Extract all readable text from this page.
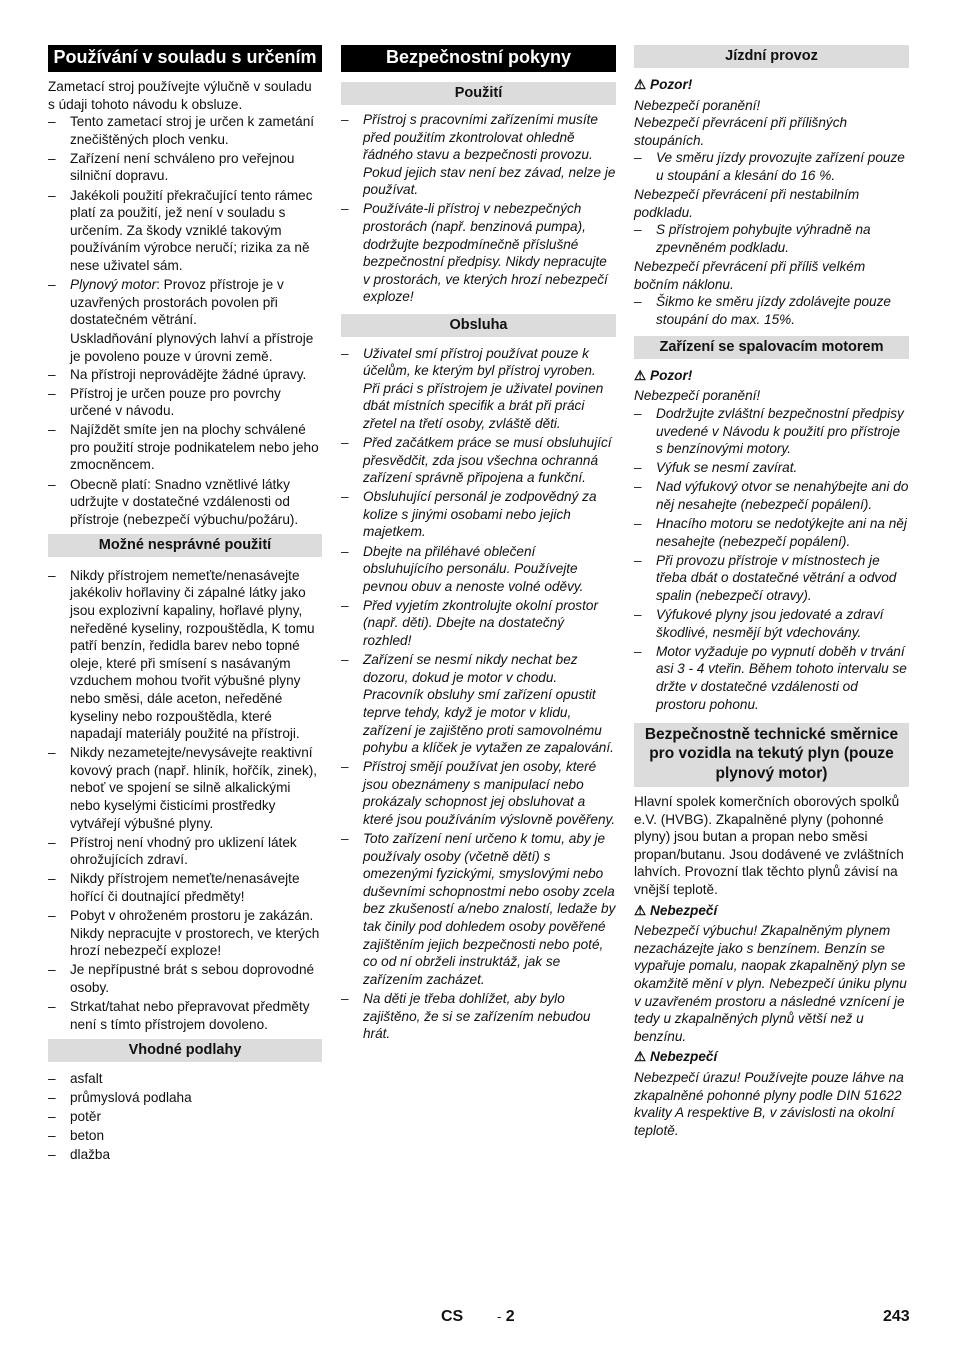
Používání v souladu s určením

Zametací stroj používejte výlučně v souladu s údaji tohoto návodu k obsluze.

– Tento zametací stroj je určen k zametání znečištěných ploch venku.
– Zařízení není schváleno pro veřejnou silniční dopravu.
– Jakékoli použití překračující tento rámec platí za použití, jež není v souladu s určením. Za škody vzniklé takovým používáním výrobce neručí; rizika za ně nese uživatel sám.
– Plynový motor: Provoz přístroje je v uzavřených prostorách povolen při dostatečném větrání.

Uskladňování plynových lahví a přístroje je povoleno pouze v úrovni země.

– Na přístroji neprovádějte žádné úpravy.
– Přístroj je určen pouze pro povrchy určené v návodu.
– Najíždět smíte jen na plochy schválené pro použití stroje podnikatelem nebo jeho zmocněncem.
– Obecně platí: Snadno vznětlivé látky udržujte v dostatečné vzdálenosti od přístroje (nebezpečí výbuchu/požáru).
Možné nesprávné použití
– Nikdy přístrojem nemeťte/nenasávejte jakékoliv hořlaviny či zápalné látky jako jsou explozivní kapaliny, hořlavé plyny, neředěné kyseliny, rozpouštědla, K tomu patří benzín, ředidla barev nebo topné oleje, které při smísení s nasávaným vzduchem mohou tvořit výbušné plyny nebo směsi, dále aceton, neředěné kyseliny nebo rozpouštědla, které napadají materiály použité na přístroji.
– Nikdy nezametejte/nevysávejte reaktivní kovový prach (např. hliník, hořčík, zinek), neboť ve spojení se silně alkalickými nebo kyselými čisticími prostředky vytvářejí výbušné plyny.
– Přístroj není vhodný pro uklizení látek ohrožujících zdraví.
– Nikdy přístrojem nemeťte/nenasávejte hořící či doutnající předměty!
– Pobyt v ohroženém prostoru je zakázán. Nikdy nepracujte v prostorech, ve kterých hrozí nebezpečí exploze!
– Je nepřípustné brát s sebou doprovodné osoby.
– Strkat/tahat nebo přepravovat předměty není s tímto přístrojem dovoleno.
Vhodné podlahy
– asfalt
– průmyslová podlaha
– potěr
– beton
– dlažba
Bezpečnostní pokyny
Použití
– Přístroj s pracovními zařízeními musíte před použitím zkontrolovat ohledně řádného stavu a bezpečnosti provozu. Pokud jejich stav není bez závad, nelze je používat.
– Používáte-li přístroj v nebezpečných prostorách (např. benzinová pumpa), dodržujte bezpodmínečně příslušné bezpečnostní předpisy. Nikdy nepracujte v prostorách, ve kterých hrozí nebezpečí exploze!
Obsluha
– Uživatel smí přístroj používat pouze k účelům, ke kterým byl přístroj vyroben. Při práci s přístrojem je uživatel povinen dbát místních specifik a brát při práci zřetel na třetí osoby, zvláště děti.
– Před začátkem práce se musí obsluhující přesvědčit, zda jsou všechna ochranná zařízení správně připojena a funkční.
– Obsluhující personál je zodpovědný za kolize s jinými osobami nebo jejich majetkem.
– Dbejte na přiléhavé oblečení obsluhujícího personálu. Používejte pevnou obuv a nenoste volné oděvy.
– Před vyjetím zkontrolujte okolní prostor (např. děti). Dbejte na dostatečný rozhled!
– Zařízení se nesmí nikdy nechat bez dozoru, dokud je motor v chodu. Pracovník obsluhy smí zařízení opustit teprve tehdy, když je motor v klidu, zařízení je zajištěno proti samovolnému pohybu a klíček je vytažen ze zapalování.
– Přístroj smějí používat jen osoby, které jsou obeznámeny s manipulací nebo prokázaly schopnost jej obsluhovat a které jsou používáním výslovně pověřeny.
– Toto zařízení není určeno k tomu, aby je používaly osoby (včetně dětí) s omezenými fyzickými, smyslovými nebo duševními schopnostmi nebo osoby zcela bez zkušeností a/nebo znalostí, ledaže by tak činily pod dohledem osoby pověřené zajištěním jejich bezpečnosti nebo poté, co od ní obrželi instruktáž, jak se zařízením zacházet.
– Na děti je třeba dohlížet, aby bylo zajištěno, že si se zařízením nebudou hrát.
Jízdní provoz

⚠ Pozor!

Nebezpečí poranění!

Nebezpečí převrácení při přílišných stoupáních.

– Ve směru jízdy provozujte zařízení pouze u stoupání a klesání do 16 %.

Nebezpečí převrácení při nestabilním podkladu.

– S přístrojem pohybujte výhradně na zpevněném podkladu.

Nebezpečí převrácení při příliš velkém bočním náklonu.

– Šikmo ke směru jízdy zdolávejte pouze stoupání do max. 15%.
Zařízení se spalovacím motorem

⚠ Pozor!

Nebezpečí poranění!

– Dodržujte zvláštní bezpečnostní předpisy uvedené v Návodu k použití pro přístroje s benzínovými motory.
– Výfuk se nesmí zavírat.
– Nad výfukový otvor se nenahýbejte ani do něj nesahejte (nebezpečí popálení).
– Hnacího motoru se nedotýkejte ani na něj nesahejte (nebezpečí popálení).
– Při provozu přístroje v místnostech je třeba dbát o dostatečné větrání a odvod spalin (nebezpečí otravy).
– Výfukové plyny jsou jedovaté a zdraví škodlivé, nesmějí být vdechovány.
– Motor vyžaduje po vypnutí doběh v trvání asi 3 - 4 vteřin. Během tohoto intervalu se držte v dostatečné vzdálenosti od prostoru pohonu.
Bezpečnostně technické směrnice pro vozidla na tekutý plyn (pouze plynový motor)

Hlavní spolek komerčních oborových spolků e.V. (HVBG). Zkapalněné plyny (pohonné plyny) jsou butan a propan nebo směsi propan/butanu. Jsou dodávené ve zvláštních lahvích. Provozní tlak těchto plynů závisí na vnější teplotě.

⚠ Nebezpečí

Nebezpečí výbuchu! Zkapalněným plynem nezacházejte jako s benzínem. Benzín se vypařuje pomalu, naopak zkapalněný plyn se okamžitě mění v plyn. Nebezpečí úniku plynu v uzavřeném prostoru a následné vznícení je tedy u zkapalněných plynů větší než u benzínu.

⚠ Nebezpečí

Nebezpečí úrazu! Používejte pouze láhve na zkapalněné pohonné plyny podle DIN 51622 kvality A respektive B, v závislosti na okolní teplotě.

CS	- 2	243
